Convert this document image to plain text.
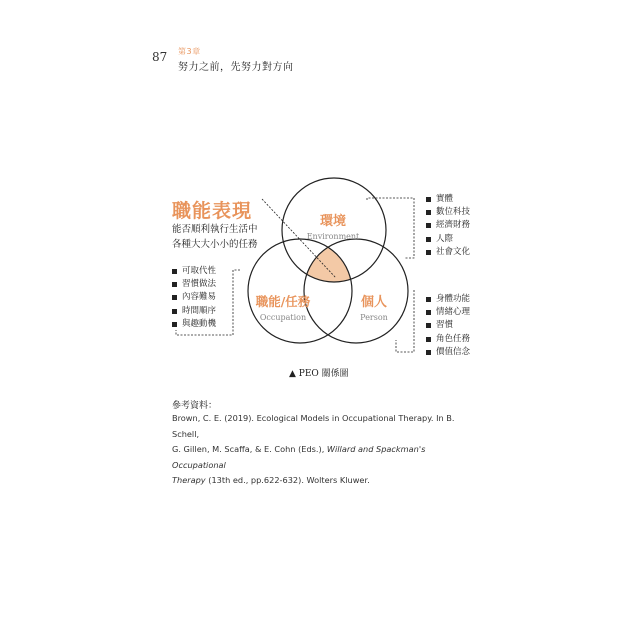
87 第3章
努力之前，先努力對方向
環境
Environment
職能/任務
Occupation
個人
Person
職能表現
能否順利執行生活中
各種大大小小的任務
可取代性
習慣做法
內容難易
時間順序
與趣動機
實體
數位科技
經濟財務
人際
社會文化
身體功能
情緒心理
習慣
角色任務
價值信念
▲ PEO 關係圖
參考資料：
Brown, C. E. (2019). Ecological Models in Occupational Therapy. In B. Schell,
G. Gillen, M. Scaffa, & E. Cohn (Eds.), Willard and Spackman's Occupational
Therapy (13th ed., pp.622-632). Wolters Kluwer.
